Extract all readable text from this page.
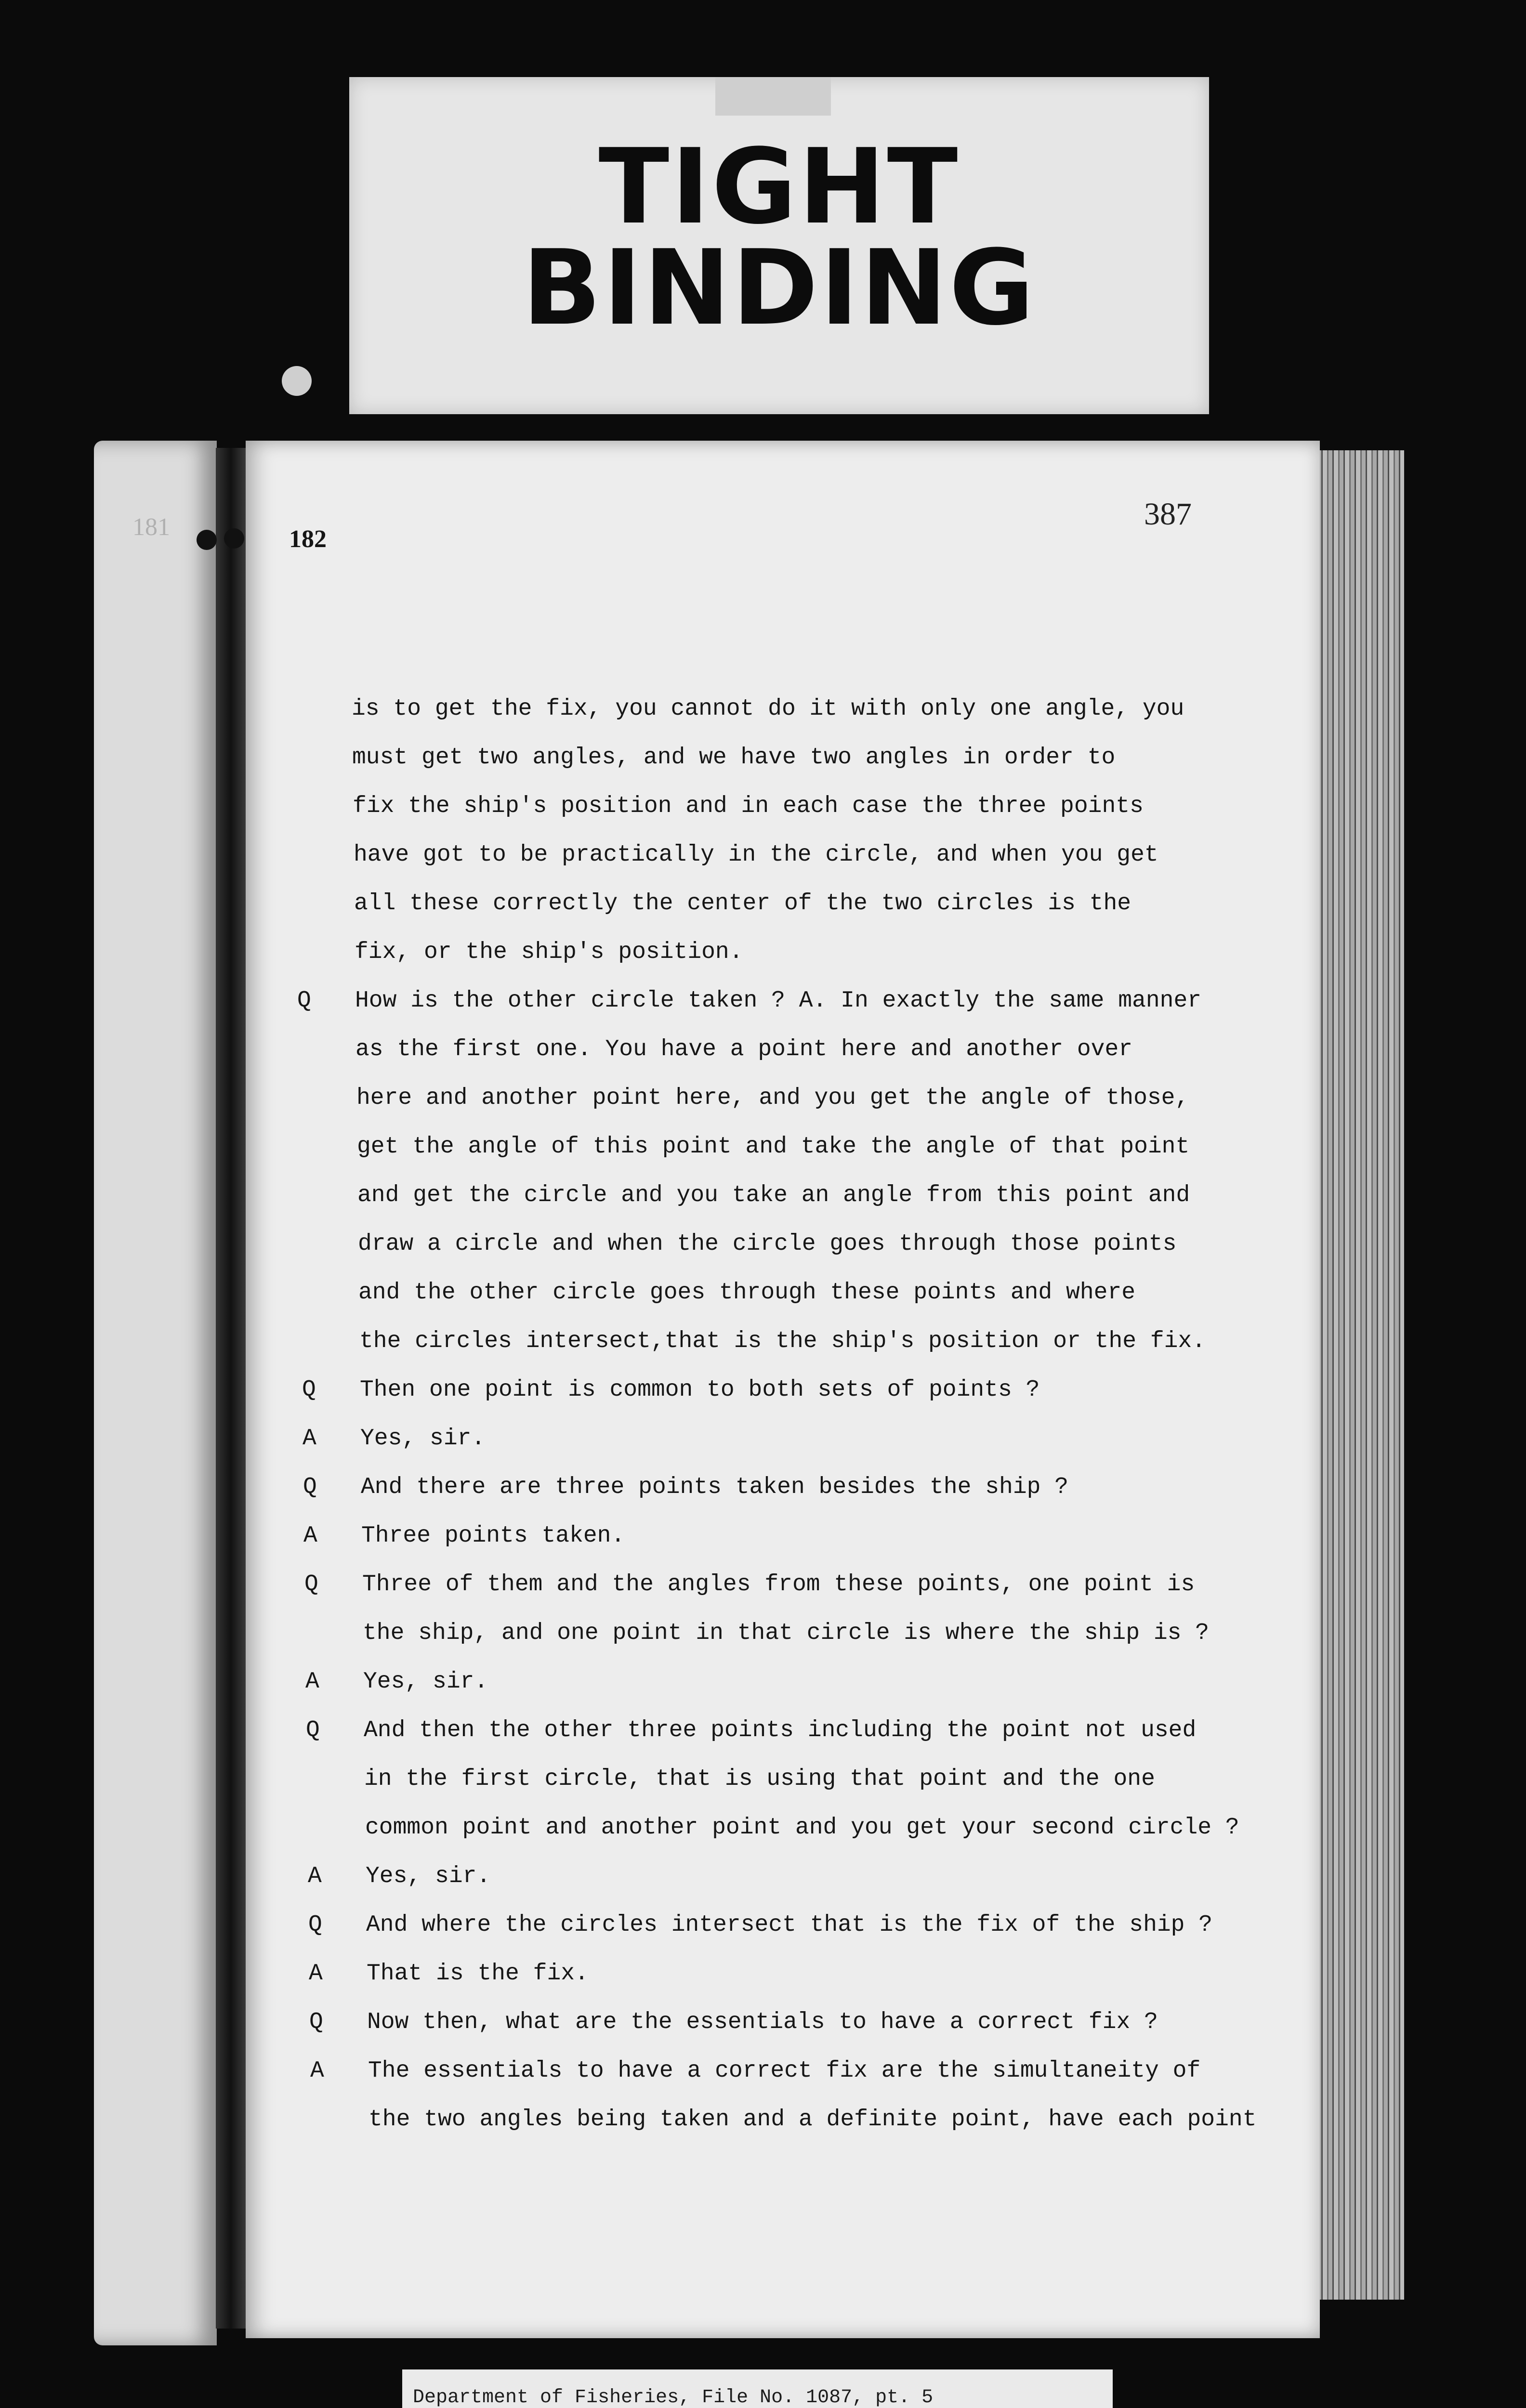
TIGHT
BINDING
181	182
387
is to get the fix, you cannot do it with only one angle, you
must get two angles, and we have two angles in order to
fix the ship's position and in each case the three points
have got to be practically in the circle, and when you get
all these correctly the center of the two circles is the
fix, or the ship's position.
Q How is the other circle taken ? A. In exactly the same manner
as the first one. You have a point here and another over
here and another point here, and you get the angle of those,
get the angle of this point and take the angle of that point
and get the circle and you take an angle from this point and
draw a circle and when the circle goes through those points
and the other circle goes through these points and where
the circles intersect,that is the ship's position or the fix.
Q Then one point is common to both sets of points ?
A Yes, sir.
Q And there are three points taken besides the ship ?
A Three points taken.
Q Three of them and the angles from these points, one point is
the ship, and one point in that circle is where the ship is ?
A Yes, sir.
Q And then the other three points including the point not used
in the first circle, that is using that point and the one
common point and another point and you get your second circle ?
A Yes, sir.
Q And where the circles intersect that is the fix of the ship ?
A That is the fix.
Q Now then, what are the essentials to have a correct fix ?
A The essentials to have a correct fix are the simultaneity of
the two angles being taken and a definite point, have each point
Department of Fisheries, File No. 1087, pt. 5
